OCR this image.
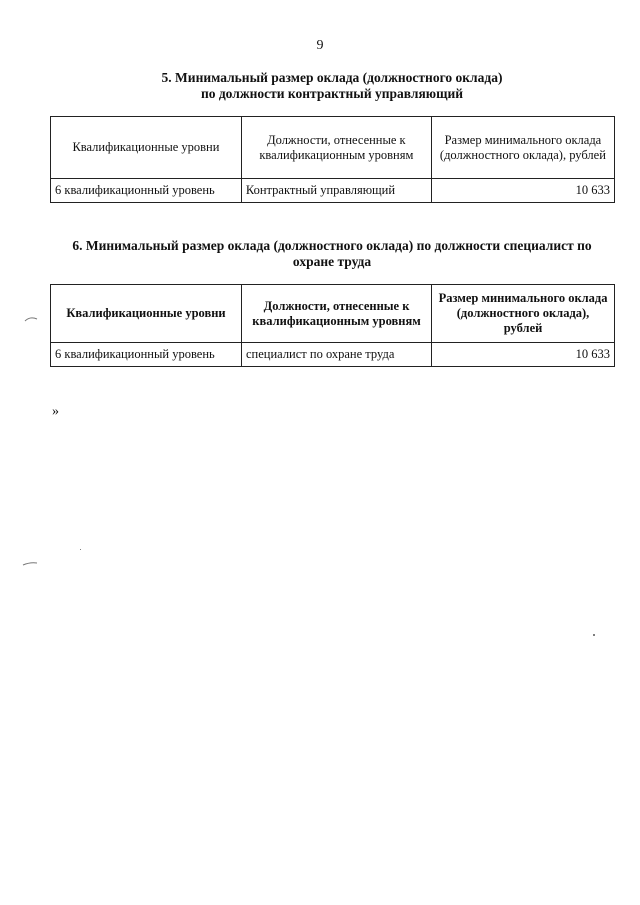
9
5. Минимальный размер оклада (должностного оклада)
по должности контрактный управляющий
Квалификационные уровни	Должности, отнесенные к квалификационным уровням	Размер минимального оклада (должностного оклада), рублей
6 квалификационный уровень	Контрактный управляющий	10 633
6. Минимальный размер оклада (должностного оклада) по должности специалист по
охране труда
Квалификационные уровни	Должности, отнесенные к квалификационным уровням	Размер минимального оклада (должностного оклада), рублей
6 квалификационный уровень	специалист по охране труда	10 633
»
